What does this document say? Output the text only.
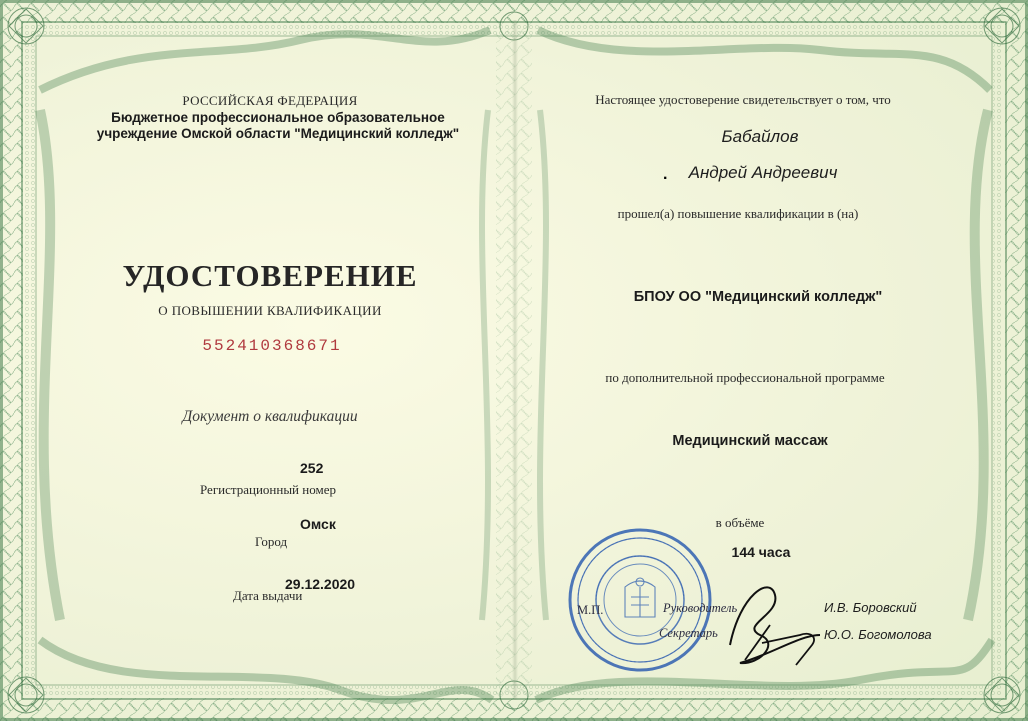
РОССИЙСКАЯ ФЕДЕРАЦИЯ

Бюджетное профессиональное образовательное
учреждение Омской области "Медицинский колледж"

УДОСТОВЕРЕНИЕ

О ПОВЫШЕНИИ КВАЛИФИКАЦИИ

552410368671

Документ о квалификации

252

Регистрационный номер

Омск

Город

29.12.2020

Дата выдачи

Настоящее удостоверение свидетельствует о том, что

Бабайлов

. Андрей Андреевич

прошел(а) повышение квалификации в (на)

БПОУ ОО "Медицинский колледж"

по дополнительной профессиональной программе

Медицинский массаж

в объёме

144 часа

М.П.	Руководитель

Секретарь

И.В. Боровский

Ю.О. Богомолова
